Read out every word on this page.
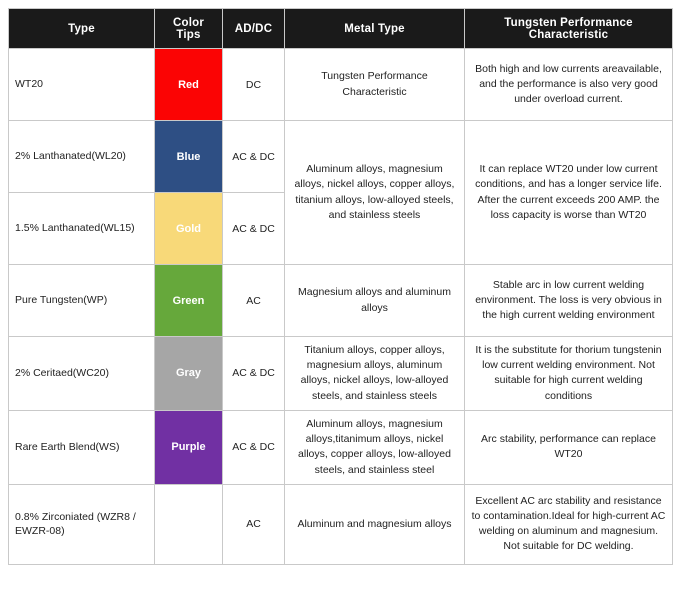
Type	Color Tips	AD/DC	Metal Type	Tungsten Performance Characteristic
WT20	Red	DC	Tungsten Performance Characteristic	Both high and low currents areavailable, and the performance is also very good under overload current.
2% Lanthanated(WL20)	Blue	AC & DC	Aluminum alloys, magnesium alloys, nickel alloys, copper alloys, titanium alloys, low-alloyed steels, and stainless steels	It can replace WT20 under low current conditions, and has a longer service life. After the current exceeds 200 AMP. the loss capacity is worse than WT20
1.5% Lanthanated(WL15)	Gold	AC & DC		
Pure Tungsten(WP)	Green	AC	Magnesium alloys and aluminum alloys	Stable arc in low current welding environment. The loss is very obvious in the high current welding environment
2% Ceritaed(WC20)	Gray	AC & DC	Titanium alloys, copper alloys, magnesium alloys, aluminum alloys, nickel alloys, low-alloyed steels, and stainless steels	It is the substitute for thorium tungstenin low current welding environment. Not suitable for high current welding conditions
Rare Earth Blend(WS)	Purple	AC & DC	Aluminum alloys, magnesium alloys,titanimum alloys, nickel alloys, copper alloys, low-alloyed steels, and stainless steel	Arc stability, performance can replace WT20
0.8% Zirconiated (WZR8 / EWZR-08)	White	AC	Aluminum and magnesium alloys	Excellent AC arc stability and resistance to contamination.Ideal for high-current AC welding on aluminum and magnesium. Not suitable for DC welding.
